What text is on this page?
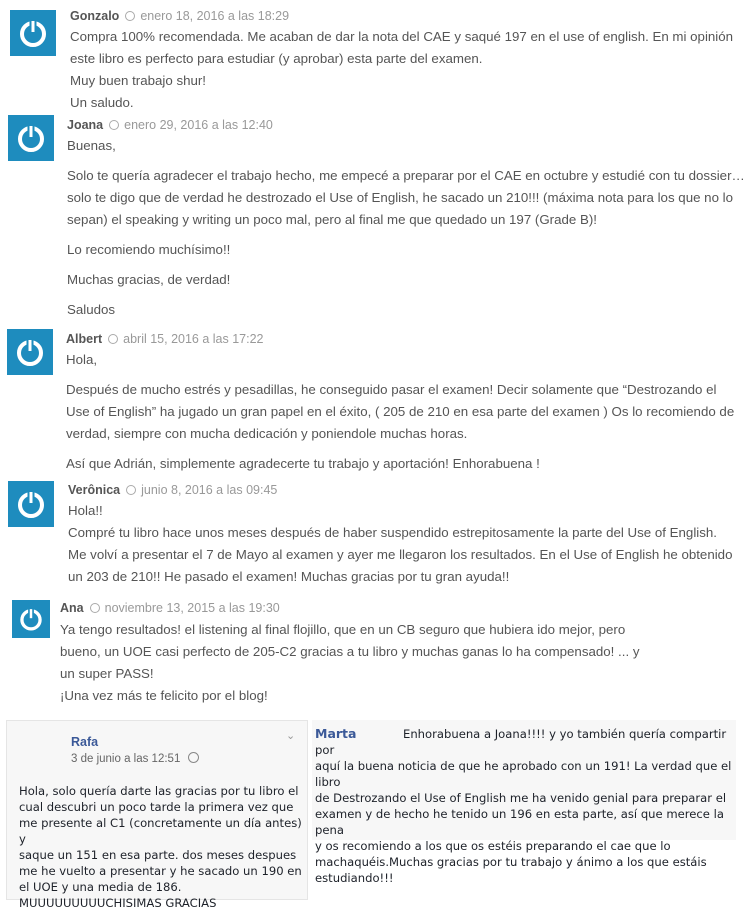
Gonzalo enero 18, 2016 a las 18:29

Compra 100% recomendada. Me acaban de dar la nota del CAE y saqué 197 en el use of english. En mi opinión

este libro es perfecto para estudiar (y aprobar) esta parte del examen.

Muy buen trabajo shur!

Un saludo.

Joana enero 29, 2016 a las 12:40

Buenas,

Solo te quería agradecer el trabajo hecho, me empecé a preparar por el CAE en octubre y estudié con tu dossier…

solo te digo que de verdad he destrozado el Use of English, he sacado un 210!!! (máxima nota para los que no lo

sepan) el speaking y writing un poco mal, pero al final me que quedado un 197 (Grade B)!

Lo recomiendo muchísimo!!

Muchas gracias, de verdad!

Saludos

Albert abril 15, 2016 a las 17:22

Hola,

Después de mucho estrés y pesadillas, he conseguido pasar el examen! Decir solamente que “Destrozando el

Use of English” ha jugado un gran papel en el éxito, ( 205 de 210 en esa parte del examen ) Os lo recomiendo de

verdad, siempre con mucha dedicación y poniendole muchas horas.

Así que Adrián, simplemente agradecerte tu trabajo y aportación! Enhorabuena !

Verônica junio 8, 2016 a las 09:45

Hola!!

Compré tu libro hace unos meses después de haber suspendido estrepitosamente la parte del Use of English.

Me volví a presentar el 7 de Mayo al examen y ayer me llegaron los resultados. En el Use of English he obtenido

un 203 de 210!! He pasado el examen! Muchas gracias por tu gran ayuda!!

Ana noviembre 13, 2015 a las 19:30

Ya tengo resultados! el listening al final flojillo, que en un CB seguro que hubiera ido mejor, pero

bueno, un UOE casi perfecto de 205-C2 gracias a tu libro y muchas ganas lo ha compensado! ... y

un super PASS!

¡Una vez más te felicito por el blog!

Rafa	⌄
3 de junio a las 12:51
Hola, solo quería darte las gracias por tu libro el
cual descubri un poco tarde la primera vez que
me presente al C1 (concretamente un día antes) y
saque un 151 en esa parte. dos meses despues
me he vuelto a presentar y he sacado un 190 en
el UOE y una media de 186.
MUUUUUUUUUCHISIMAS GRACIAS
Marta	Enhorabuena a Joana!!!! y yo también quería compartir por
aquí la buena noticia de que he aprobado con un 191! La verdad que el libro
de Destrozando el Use of English me ha venido genial para preparar el
examen y de hecho he tenido un 196 en esta parte, así que merece la pena
y os recomiendo a los que os estéis preparando el cae que lo
machaquéis.Muchas gracias por tu trabajo y ánimo a los que estáis
estudiando!!!
